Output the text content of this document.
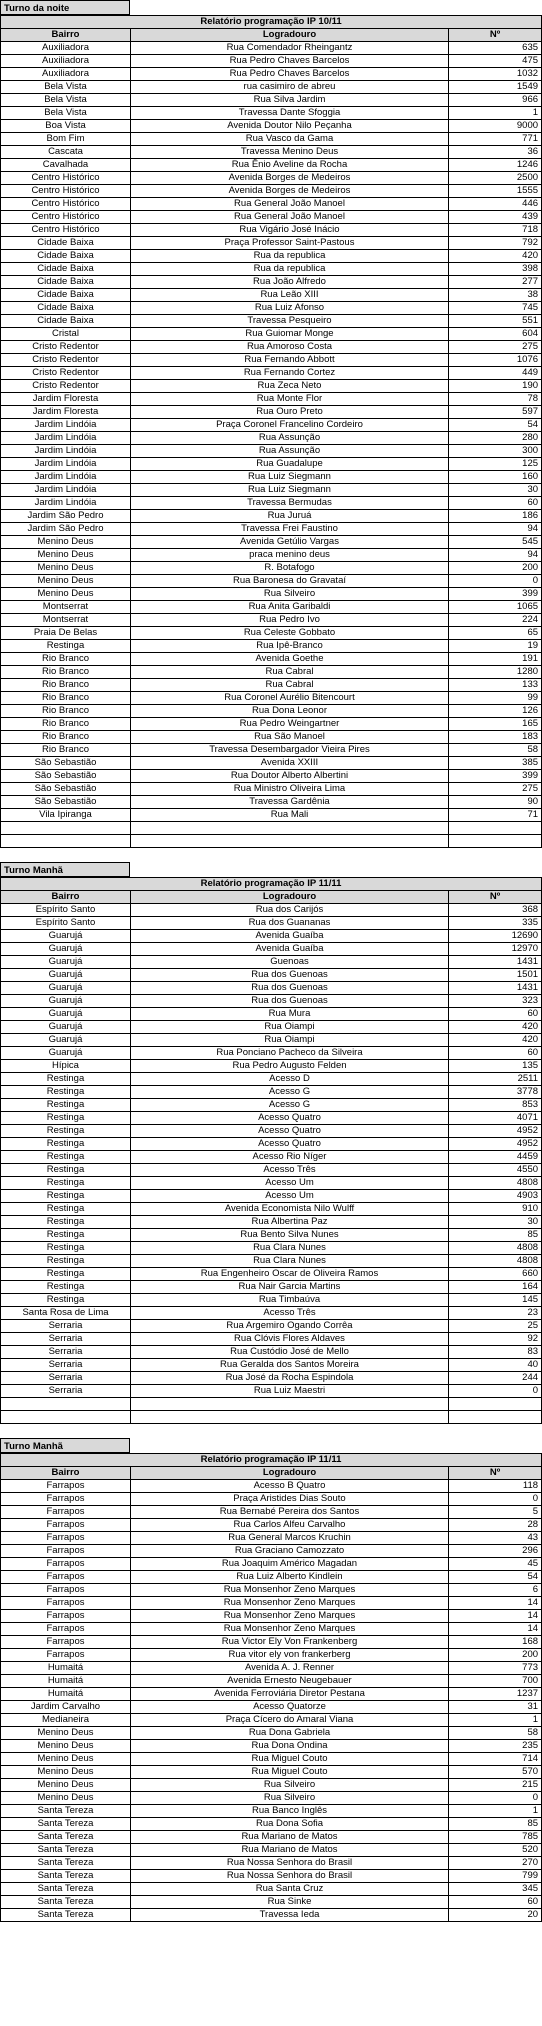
Turno da noite
Relatório programação IP 10/11		
Bairro	Logradouro	Nº
Auxiliadora	Rua Comendador Rheingantz	635
Auxiliadora	Rua Pedro Chaves Barcelos	475
Auxiliadora	Rua Pedro Chaves Barcelos	1032
Bela Vista	rua casimiro de abreu	1549
Bela Vista	Rua Silva Jardim	966
Bela Vista	Travessa Dante Sfoggia	1
Boa Vista	Avenida Doutor Nilo Peçanha	9000
Bom Fim	Rua Vasco da Gama	771
Cascata	Travessa Menino Deus	36
Cavalhada	Rua Ênio Aveline da Rocha	1246
Centro Histórico	Avenida Borges de Medeiros	2500
Centro Histórico	Avenida Borges de Medeiros	1555
Centro Histórico	Rua General João Manoel	446
Centro Histórico	Rua General João Manoel	439
Centro Histórico	Rua Vigário José Inácio	718
Cidade Baixa	Praça Professor Saint-Pastous	792
Cidade Baixa	Rua da republica	420
Cidade Baixa	Rua da republica	398
Cidade Baixa	Rua João Alfredo	277
Cidade Baixa	Rua Leão XIII	38
Cidade Baixa	Rua Luiz Afonso	745
Cidade Baixa	Travessa Pesqueiro	551
Cristal	Rua Guiomar Monge	604
Cristo Redentor	Rua Amoroso Costa	275
Cristo Redentor	Rua Fernando Abbott	1076
Cristo Redentor	Rua Fernando Cortez	449
Cristo Redentor	Rua Zeca Neto	190
Jardim Floresta	Rua Monte Flor	78
Jardim Floresta	Rua Ouro Preto	597
Jardim Lindóia	Praça Coronel Francelino Cordeiro	54
Jardim Lindóia	Rua Assunção	280
Jardim Lindóia	Rua Assunção	300
Jardim Lindóia	Rua Guadalupe	125
Jardim Lindóia	Rua Luiz Siegmann	160
Jardim Lindóia	Rua Luiz Siegmann	30
Jardim Lindóia	Travessa Bermudas	60
Jardim São Pedro	Rua Juruá	186
Jardim São Pedro	Travessa Frei Faustino	94
Menino Deus	Avenida Getúlio Vargas	545
Menino Deus	praca menino deus	94
Menino Deus	R. Botafogo	200
Menino Deus	Rua Baronesa do Gravataí	0
Menino Deus	Rua Silveiro	399
Montserrat	Rua Anita Garibaldi	1065
Montserrat	Rua Pedro Ivo	224
Praia De Belas	Rua Celeste Gobbato	65
Restinga	Rua Ipê-Branco	19
Rio Branco	Avenida Goethe	191
Rio Branco	Rua Cabral	1280
Rio Branco	Rua Cabral	133
Rio Branco	Rua Coronel Aurélio Bitencourt	99
Rio Branco	Rua Dona Leonor	126
Rio Branco	Rua Pedro Weingartner	165
Rio Branco	Rua São Manoel	183
Rio Branco	Travessa Desembargador Vieira Pires	58
São Sebastião	Avenida XXIII	385
São Sebastião	Rua Doutor Alberto Albertini	399
São Sebastião	Rua Ministro Oliveira Lima	275
São Sebastião	Travessa Gardênia	90
Vila Ipiranga	Rua Mali	71

Turno Manhã
Relatório programação IP 11/11		
Bairro	Logradouro	Nº
Espírito Santo	Rua dos Carijós	368
Espírito Santo	Rua dos Guananas	335
Guarujá	Avenida Guaíba	12690
Guarujá	Avenida Guaíba	12970
Guarujá	Guenoas	1431
Guarujá	Rua dos Guenoas	1501
Guarujá	Rua dos Guenoas	1431
Guarujá	Rua dos Guenoas	323
Guarujá	Rua Mura	60
Guarujá	Rua Oiampi	420
Guarujá	Rua Oiampi	420
Guarujá	Rua Ponciano Pacheco da Silveira	60
Hípica	Rua Pedro Augusto Felden	135
Restinga	Acesso D	2511
Restinga	Acesso G	3778
Restinga	Acesso G	853
Restinga	Acesso Quatro	4071
Restinga	Acesso Quatro	4952
Restinga	Acesso Quatro	4952
Restinga	Acesso Rio Níger	4459
Restinga	Acesso Três	4550
Restinga	Acesso Um	4808
Restinga	Acesso Um	4903
Restinga	Avenida Economista Nilo Wulff	910
Restinga	Rua Albertina Paz	30
Restinga	Rua Bento Silva Nunes	85
Restinga	Rua Clara Nunes	4808
Restinga	Rua Clara Nunes	4808
Restinga	Rua Engenheiro Oscar de Oliveira Ramos	660
Restinga	Rua Nair Garcia Martins	164
Restinga	Rua Timbaúva	145
Santa Rosa de Lima	Acesso Três	23
Serraria	Rua Argemiro Ogando Corrêa	25
Serraria	Rua Clóvis Flores Aldaves	92
Serraria	Rua Custódio José de Mello	83
Serraria	Rua Geralda dos Santos Moreira	40
Serraria	Rua José da Rocha Espindola	244
Serraria	Rua Luiz Maestri	0

Turno Manhã
Relatório programação IP 11/11		
Bairro	Logradouro	Nº
Farrapos	Acesso B Quatro	118
Farrapos	Praça Aristides Dias Souto	0
Farrapos	Rua Bernabé Pereira dos Santos	5
Farrapos	Rua Carlos Alfeu Carvalho	28
Farrapos	Rua General Marcos Kruchin	43
Farrapos	Rua Graciano Camozzato	296
Farrapos	Rua Joaquim Américo Magadan	45
Farrapos	Rua Luiz Alberto Kindlein	54
Farrapos	Rua Monsenhor Zeno Marques	6
Farrapos	Rua Monsenhor Zeno Marques	14
Farrapos	Rua Monsenhor Zeno Marques	14
Farrapos	Rua Monsenhor Zeno Marques	14
Farrapos	Rua Victor Ely Von Frankenberg	168
Farrapos	Rua vitor ely von frankerberg	200
Humaitá	Avenida A. J. Renner	773
Humaitá	Avenida Ernesto Neugebauer	700
Humaitá	Avenida Ferroviária Diretor Pestana	1237
Jardim Carvalho	Acesso Quatorze	31
Medianeira	Praça Cícero do Amaral Viana	1
Menino Deus	Rua Dona Gabriela	58
Menino Deus	Rua Dona Ondina	235
Menino Deus	Rua Miguel Couto	714
Menino Deus	Rua Miguel Couto	570
Menino Deus	Rua Silveiro	215
Menino Deus	Rua Silveiro	0
Santa Tereza	Rua Banco Inglês	1
Santa Tereza	Rua Dona Sofia	85
Santa Tereza	Rua Mariano de Matos	785
Santa Tereza	Rua Mariano de Matos	520
Santa Tereza	Rua Nossa Senhora do Brasil	270
Santa Tereza	Rua Nossa Senhora do Brasil	799
Santa Tereza	Rua Santa Cruz	345
Santa Tereza	Rua Sinke	60
Santa Tereza	Travessa Ieda	20
